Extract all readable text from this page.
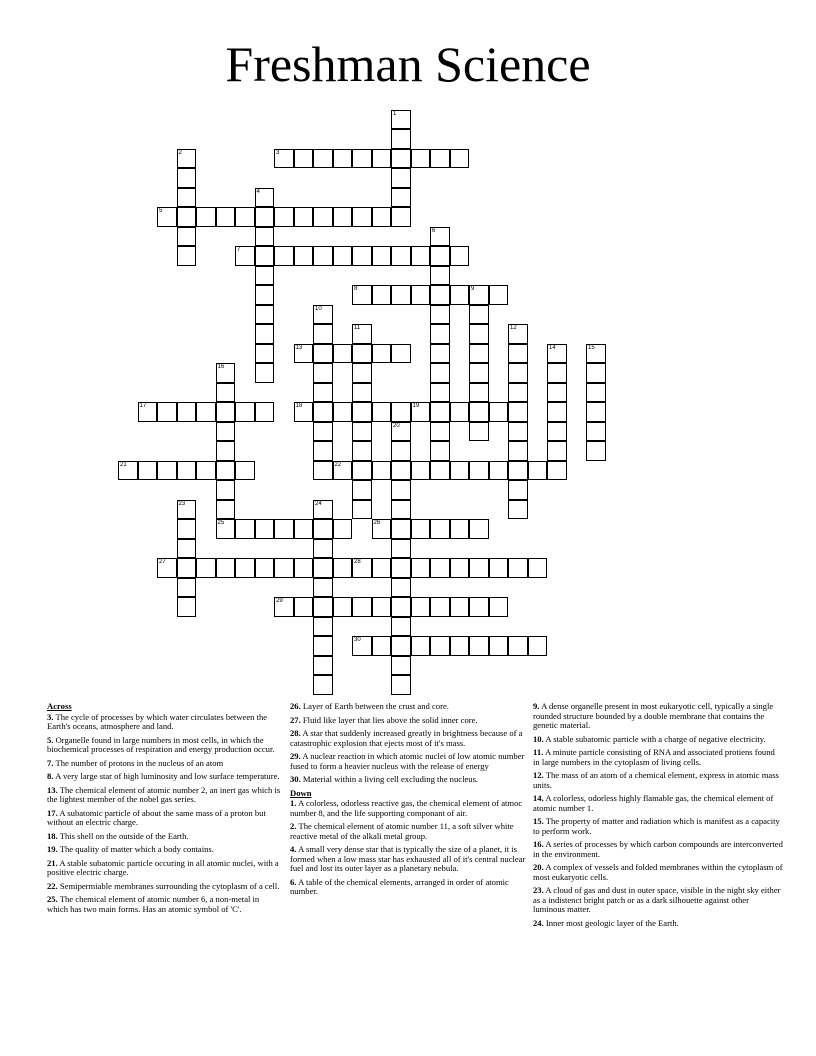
Freshman Science
1
3
2
4
5
6
7
8	9
10
11	12
13	14	15
16
17	18	19
20
21	22
23	24
25	26
27	28
29
30
Across
3. The cycle of processes by which water circulates between the Earth's oceans, atmosphere and land.
5. Organelle found in large numbers in most cells, in which the biochemical processes of respiration and energy production occur.
7. The number of protons in the nucleus of an atom
8. A very large star of high luminosity and low surface temperature.
13. The chemical element of atomic number 2, an inert gas which is the lightest member of the nobel gas series.
17. A subatomic particle of about the same mass of a proton but without an electric charge.
18. This shell on the outside of the Earth.
19. The quality of matter which a body contains.
21. A stable subatomic particle occuring in all atomic nuclei, with a positive electric charge.
22. Semipermiable membranes surrounding the cytoplasm of a cell.
25. The chemical element of atomic number 6, a non-metal in which has two main forms. Has an atomic symbol of 'C'.
26. Layer of Earth between the crust and core.
27. Fluid like layer that lies above the solid inner core.
28. A star that suddenly increased greatly in brightness because of a catastrophic explosion that ejects most of it's mass.
29. A nuclear reaction in which atomic nuclei of low atomic number fused to form a heavier nucleus with the release of energy
30. Material within a living cell excluding the nucleus.
Down
1. A colorless, odorless reactive gas, the chemical element of atmoc number 8, and the life supporting componant of air.
2. The chemical element of atomic number 11, a soft silver white reactive metal of the alkali metal group.
4. A small very dense star that is typically the size of a planet, it is formed when a low mass star has exhausted all of it's central nuclear fuel and lost its outer layer as a planetary nebula.
6. A table of the chemical elements, arranged in order of atomic number.
9. A dense organelle present in most eukaryotic cell, typically a single rounded structure bounded by a double membrane that contains the genetic material.
10. A stable subatomic particle with a charge of negative electricity.
11. A minute particle consisting of RNA and associated protiens found in large numbers in the cytoplasm of living cells.
12. The mass of an atom of a chemical element, express in atomic mass units.
14. A colorless, odorless highly flamable gas, the chemical element of atomic number 1.
15. The property of matter and radiation which is manifest as a capacity to perform work.
16. A series of processes by which carbon compounds are interconverted in the environment.
20. A complex of vessels and folded membranes within the cytoplasm of most eukaryotic cells.
23. A cloud of gas and dust in outer space, visible in the night sky either as a indistenct bright patch or as a dark silhouette against other luminous matter.
24. Inner most geologic layer of the Earth.
